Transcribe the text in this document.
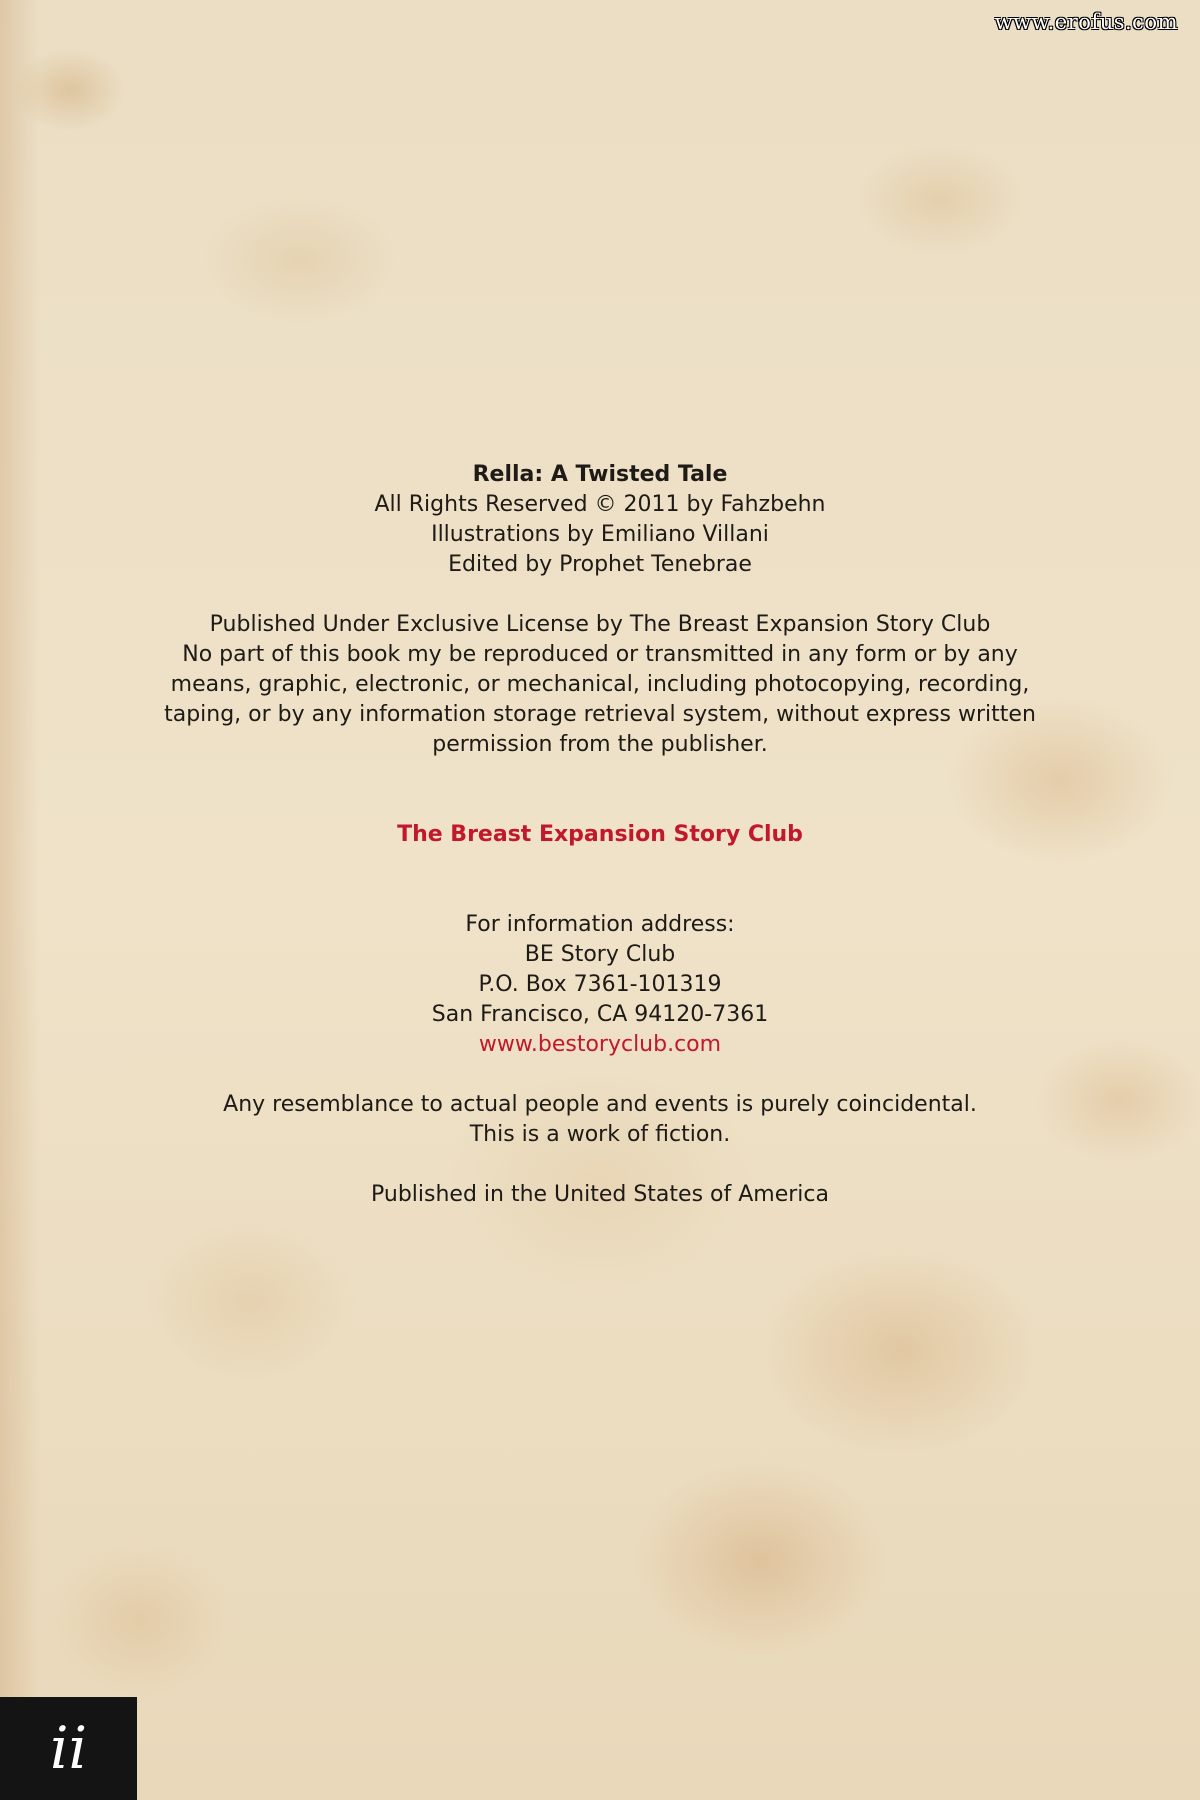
www.erofus.com
Rella: A Twisted Tale
All Rights Reserved © 2011 by Fahzbehn
Illustrations by Emiliano Villani
Edited by Prophet Tenebrae
Published Under Exclusive License by The Breast Expansion Story Club
No part of this book my be reproduced or transmitted in any form or by any
means, graphic, electronic, or mechanical, including photocopying, recording,
taping, or by any information storage retrieval system, without express written
permission from the publisher.
The Breast Expansion Story Club
For information address:
BE Story Club
P.O. Box 7361-101319
San Francisco, CA 94120-7361
www.bestoryclub.com
Any resemblance to actual people and events is purely coincidental.
This is a work of fiction.
Published in the United States of America
ii
